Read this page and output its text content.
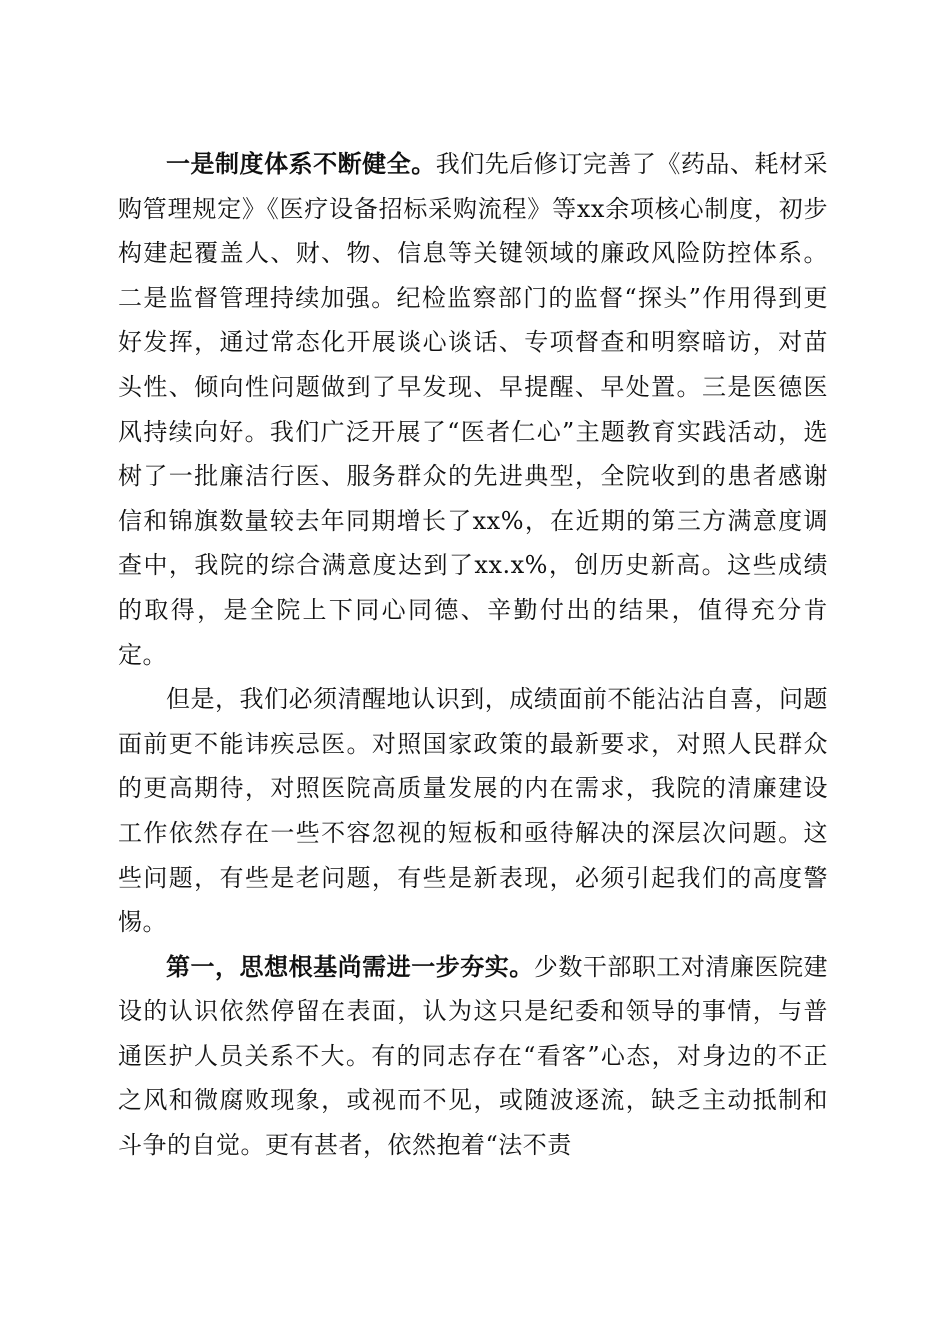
一是制度体系不断健全。我们先后修订完善了《药品、耗材采购管理规定》《医疗设备招标采购流程》等xx余项核心制度，初步构建起覆盖人、财、物、信息等关键领域的廉政风险防控体系。二是监督管理持续加强。纪检监察部门的监督“探头”作用得到更好发挥，通过常态化开展谈心谈话、专项督查和明察暗访，对苗头性、倾向性问题做到了早发现、早提醒、早处置。三是医德医风持续向好。我们广泛开展了“医者仁心”主题教育实践活动，选树了一批廉洁行医、服务群众的先进典型，全院收到的患者感谢信和锦旗数量较去年同期增长了xx%，在近期的第三方满意度调查中，我院的综合满意度达到了xx.x%，创历史新高。这些成绩的取得，是全院上下同心同德、辛勤付出的结果，值得充分肯定。

但是，我们必须清醒地认识到，成绩面前不能沾沾自喜，问题面前更不能讳疾忌医。对照国家政策的最新要求，对照人民群众的更高期待，对照医院高质量发展的内在需求，我院的清廉建设工作依然存在一些不容忽视的短板和亟待解决的深层次问题。这些问题，有些是老问题，有些是新表现，必须引起我们的高度警惕。

第一，思想根基尚需进一步夯实。少数干部职工对清廉医院建设的认识依然停留在表面，认为这只是纪委和领导的事情，与普通医护人员关系不大。有的同志存在“看客”心态，对身边的不正之风和微腐败现象，或视而不见，或随波逐流，缺乏主动抵制和斗争的自觉。更有甚者，依然抱着“法不责
